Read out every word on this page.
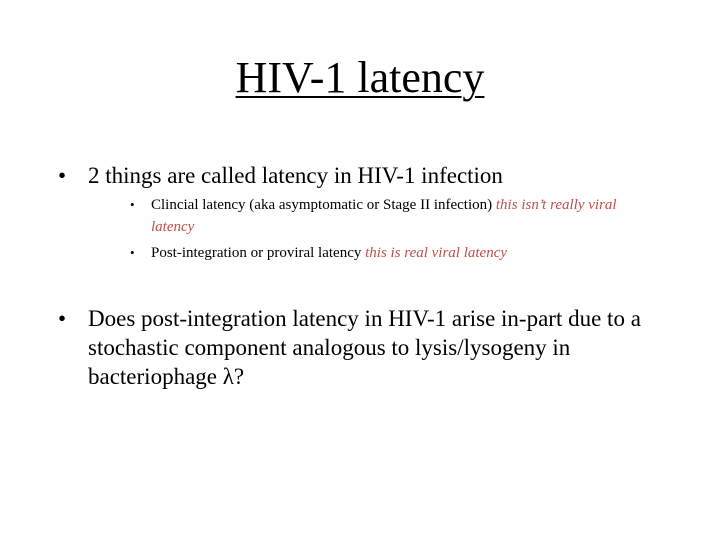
HIV-1 latency
• 2 things are called latency in HIV-1 infection
• Clincial latency (aka asymptomatic or Stage II infection) this isn’t really viral latency
• Post-integration or proviral latency this is real viral latency
• Does post-integration latency in HIV-1 arise in-part due to a stochastic component analogous to lysis/lysogeny in bacteriophage λ?
